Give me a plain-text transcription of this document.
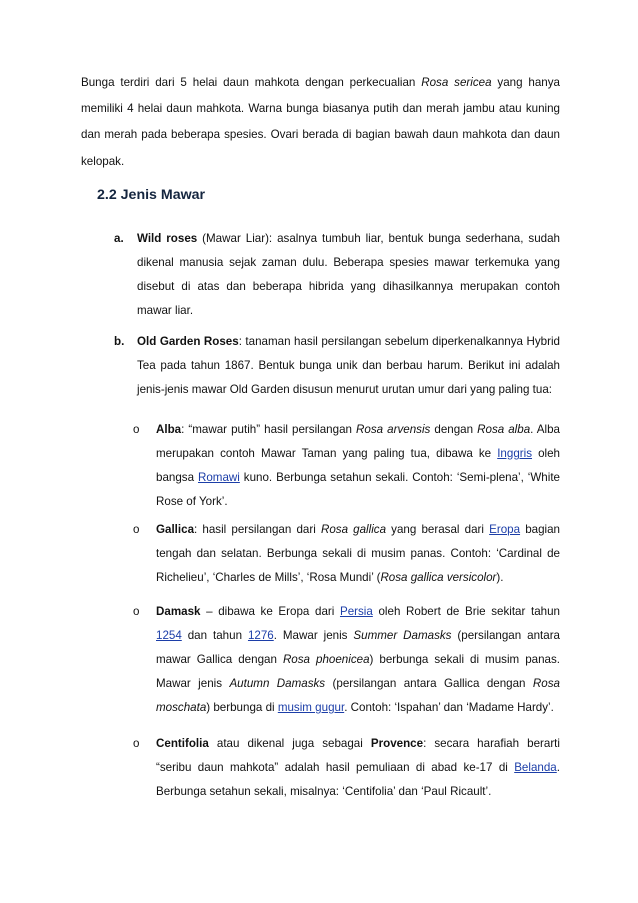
Bunga terdiri dari 5 helai daun mahkota dengan perkecualian Rosa sericea yang hanya memiliki 4 helai daun mahkota. Warna bunga biasanya putih dan merah jambu atau kuning dan merah pada beberapa spesies. Ovari berada di bagian bawah daun mahkota dan daun kelopak.

2.2 Jenis Mawar
a. Wild roses (Mawar Liar): asalnya tumbuh liar, bentuk bunga sederhana, sudah dikenal manusia sejak zaman dulu. Beberapa spesies mawar terkemuka yang disebut di atas dan beberapa hibrida yang dihasilkannya merupakan contoh mawar liar.

b. Old Garden Roses: tanaman hasil persilangan sebelum diperkenalkannya Hybrid Tea pada tahun 1867. Bentuk bunga unik dan berbau harum. Berikut ini adalah jenis-jenis mawar Old Garden disusun menurut urutan umur dari yang paling tua:

o Alba: “mawar putih” hasil persilangan Rosa arvensis dengan Rosa alba. Alba merupakan contoh Mawar Taman yang paling tua, dibawa ke Inggris oleh bangsa Romawi kuno. Berbunga setahun sekali. Contoh: ‘Semi-plena’, ‘White Rose of York’.

o Gallica: hasil persilangan dari Rosa gallica yang berasal dari Eropa bagian tengah dan selatan. Berbunga sekali di musim panas. Contoh: ‘Cardinal de Richelieu’, ‘Charles de Mills’, ‘Rosa Mundi’ (Rosa gallica versicolor).

o Damask – dibawa ke Eropa dari Persia oleh Robert de Brie sekitar tahun 1254 dan tahun 1276. Mawar jenis Summer Damasks (persilangan antara mawar Gallica dengan Rosa phoenicea) berbunga sekali di musim panas. Mawar jenis Autumn Damasks (persilangan antara Gallica dengan Rosa moschata) berbunga di musim gugur. Contoh: ‘Ispahan’ dan ‘Madame Hardy’.

o Centifolia atau dikenal juga sebagai Provence: secara harafiah berarti “seribu daun mahkota” adalah hasil pemuliaan di abad ke-17 di Belanda. Berbunga setahun sekali, misalnya: ‘Centifolia’ dan ‘Paul Ricault’.
